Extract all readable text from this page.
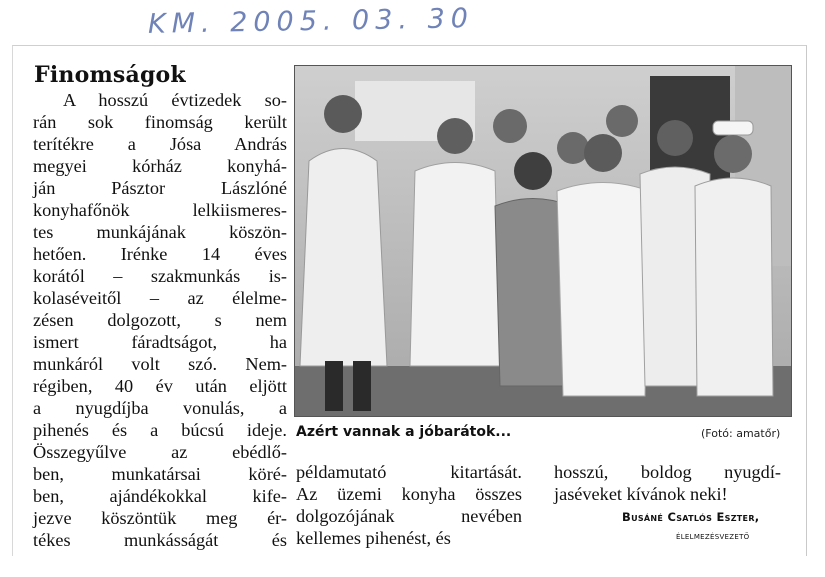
KM. 2005. 03. 30
Finomságok
A hosszú évtizedek so-
rán sok finomság került
terítékre a Jósa András
megyei kórház konyhá-
ján Pásztor Lászlóné
konyhafőnök lelkiismeres-
tes munkájának köszön-
hetően. Irénke 14 éves
korától – szakmunkás is-
kolaséveitől – az élelme-
zésen dolgozott, s nem
ismert fáradtságot, ha
munkáról volt szó. Nem-
régiben, 40 év után eljött
a nyugdíjba vonulás, a
pihenés és a búcsú ideje.
Összegyűlve az ebédlő-
ben, munkatársai köré-
ben, ajándékokkal kife-
jezve köszöntük meg ér-
tékes munkásságát és
Azért vannak a jóbarátok...	(Fotó: amatőr)
példamutató kitartását.
Az üzemi konyha összes
dolgozójának nevében
kellemes pihenést, és
hosszú, boldog nyugdí-
jaséveket kívánok neki!
Busáné Csatlós Eszter,
élelmezésvezető
